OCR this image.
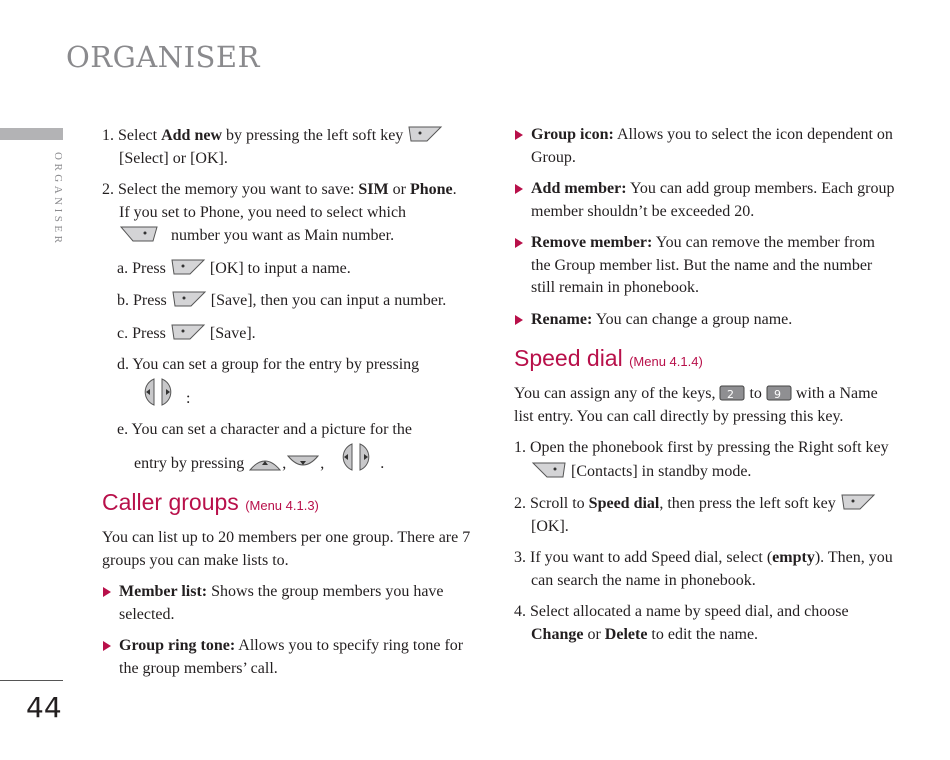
ORGANISER
ORGANISER
44
1. Select Add new by pressing the left soft key
[Select] or [OK].
2. Select the memory you want to save: SIM or Phone.
If you set to Phone, you need to select which

number you want as Main number.
a. Press
[OK] to input a name.
b. Press
[Save], then you can input a number.
c. Press
[Save].
d. You can set a group for the entry by pressing

:
e. You can set a character and a picture for the
entry by pressing
, ,	.
Caller groups (Menu 4.1.3)
You can list up to 20 members per one group. There are 7 groups you can make lists to.
Member list: Shows the group members you have selected.
Group ring tone: Allows you to specify ring tone for the group members’ call.
Group icon: Allows you to select the icon dependent on Group.
Add member: You can add group members. Each group member shouldn’t be exceeded 20.
Remove member: You can remove the member from the Group member list. But the name and the number still remain in phonebook.
Rename: You can change a group name.
Speed dial (Menu 4.1.4)
You can assign any of the keys, 2 to 9 with a Name list entry. You can call directly by pressing this key.
1. Open the phonebook first by pressing the Right soft key
[Contacts] in standby mode.
2. Scroll to Speed dial, then press the left soft key
[OK].
3. If you want to add Speed dial, select (empty). Then, you can search the name in phonebook.
4. Select allocated a name by speed dial, and choose Change or Delete to edit the name.
